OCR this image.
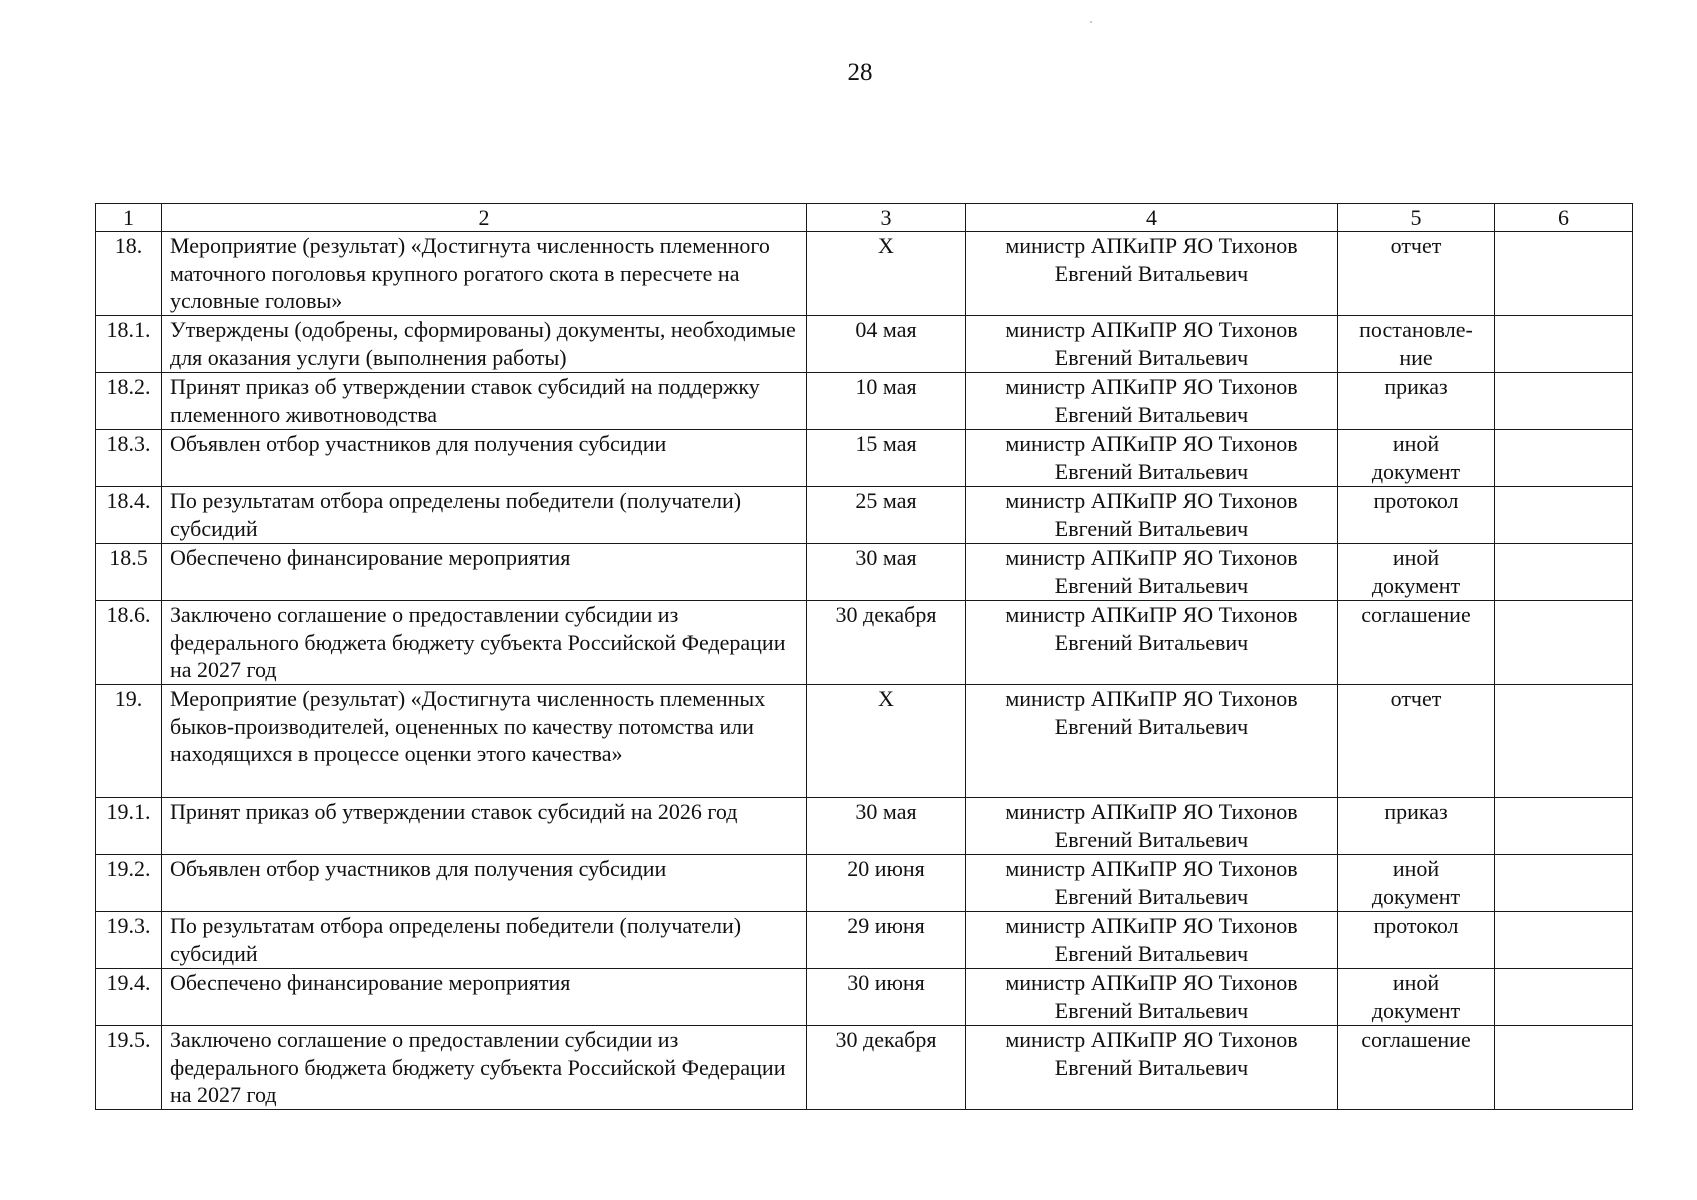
28
1	2	3	4	5	6
18.	Мероприятие (результат) «Достигнута численность племенного маточного поголовья крупного рогатого скота в пересчете на условные головы»	X	министр АПКиПР ЯО Тихонов Евгений Витальевич	отчет	
18.1.	Утверждены (одобрены, сформированы) документы, необходимые для оказания услуги (выполнения работы)	04 мая	министр АПКиПР ЯО Тихонов Евгений Витальевич	постановле-ние	
18.2.	Принят приказ об утверждении ставок субсидий на поддержку племенного животноводства	10 мая	министр АПКиПР ЯО Тихонов Евгений Витальевич	приказ	
18.3.	Объявлен отбор участников для получения субсидии	15 мая	министр АПКиПР ЯО Тихонов Евгений Витальевич	иной документ	
18.4.	По результатам отбора определены победители (получатели) субсидий	25 мая	министр АПКиПР ЯО Тихонов Евгений Витальевич	протокол	
18.5	Обеспечено финансирование мероприятия	30 мая	министр АПКиПР ЯО Тихонов Евгений Витальевич	иной документ	
18.6.	Заключено соглашение о предоставлении субсидии из федерального бюджета бюджету субъекта Российской Федерации на 2027 год	30 декабря	министр АПКиПР ЯО Тихонов Евгений Витальевич	соглашение	
19.	Мероприятие (результат) «Достигнута численность племенных быков-производителей, оцененных по качеству потомства или находящихся в процессе оценки этого качества»	X	министр АПКиПР ЯО Тихонов Евгений Витальевич	отчет	
19.1.	Принят приказ об утверждении ставок субсидий на 2026 год	30 мая	министр АПКиПР ЯО Тихонов Евгений Витальевич	приказ	
19.2.	Объявлен отбор участников для получения субсидии	20 июня	министр АПКиПР ЯО Тихонов Евгений Витальевич	иной документ	
19.3.	По результатам отбора определены победители (получатели) субсидий	29 июня	министр АПКиПР ЯО Тихонов Евгений Витальевич	протокол	
19.4.	Обеспечено финансирование мероприятия	30 июня	министр АПКиПР ЯО Тихонов Евгений Витальевич	иной документ	
19.5.	Заключено соглашение о предоставлении субсидии из федерального бюджета бюджету субъекта Российской Федерации на 2027 год	30 декабря	министр АПКиПР ЯО Тихонов Евгений Витальевич	соглашение	
